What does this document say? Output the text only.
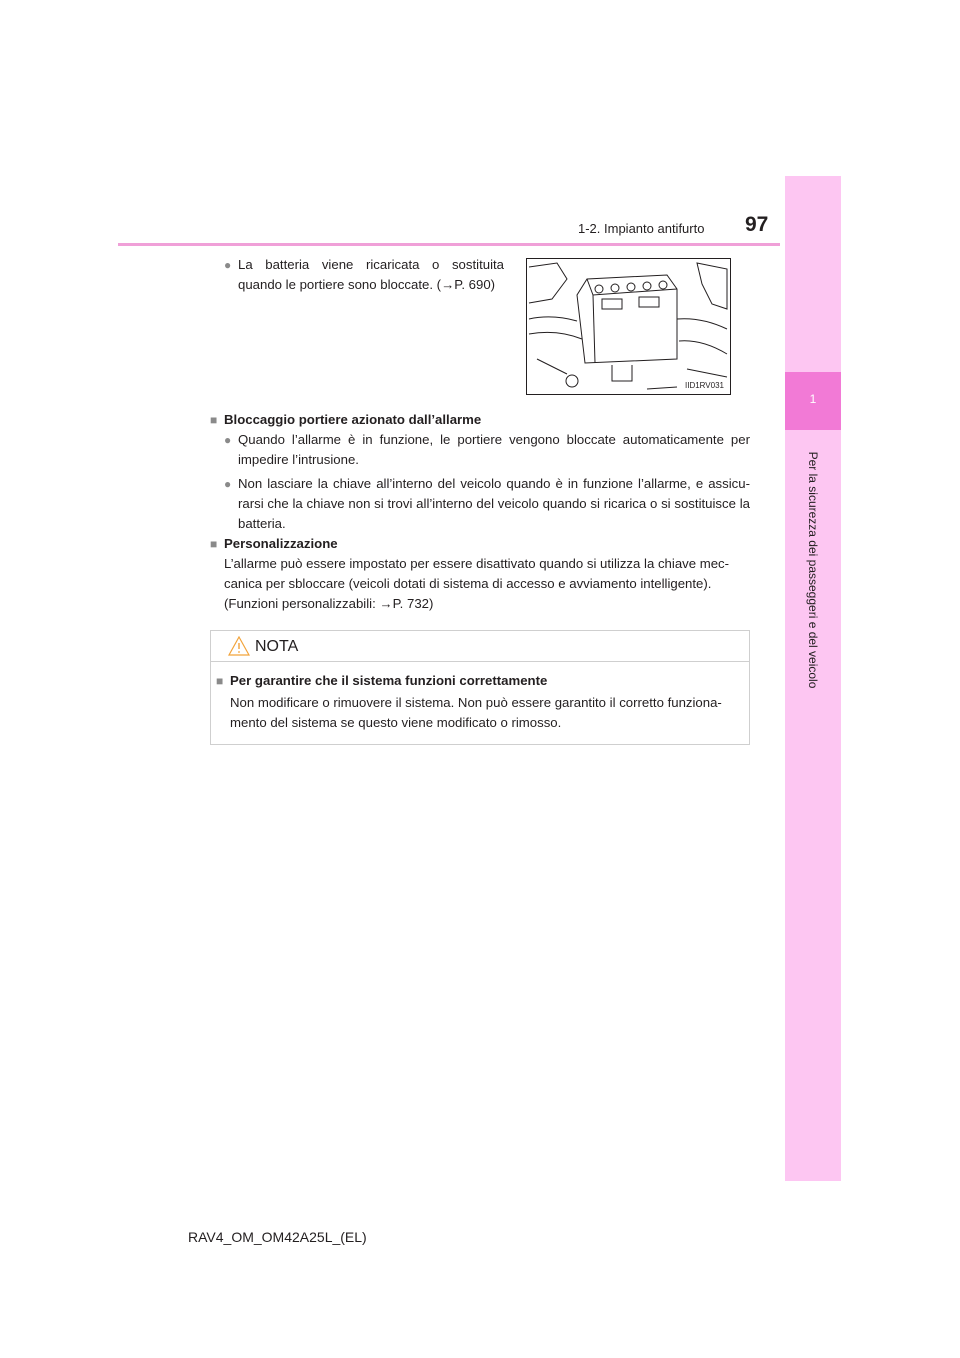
1
Per la sicurezza dei passeggeri e del veicolo
1-2. Impianto antifurto 97
● La batteria viene ricaricata o sostituita quando le portiere sono bloccate. (→P. 690)
IID1RV031
■ Bloccaggio portiere azionato dall’allarme
● Quando l’allarme è in funzione, le portiere vengono bloccate automaticamente per impedire l’intrusione.
● Non lasciare la chiave all’interno del veicolo quando è in funzione l’allarme, e assicu-rarsi che la chiave non si trovi all’interno del veicolo quando si ricarica o si sostituisce la batteria.
■ Personalizzazione
L’allarme può essere impostato per essere disattivato quando si utilizza la chiave mec-canica per sbloccare (veicoli dotati di sistema di accesso e avviamento intelligente). (Funzioni personalizzabili: →P. 732)
NOTA
■ Per garantire che il sistema funzioni correttamente
Non modificare o rimuovere il sistema. Non può essere garantito il corretto funziona-mento del sistema se questo viene modificato o rimosso.
RAV4_OM_OM42A25L_(EL)
